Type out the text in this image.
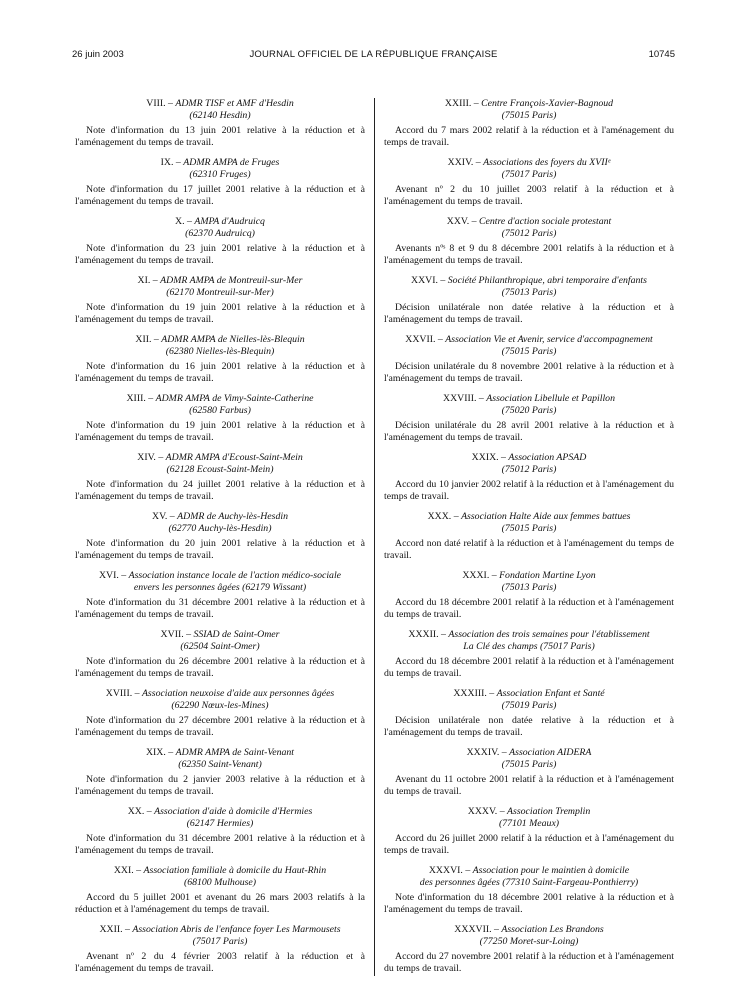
26 juin 2003	JOURNAL OFFICIEL DE LA RÉPUBLIQUE FRANÇAISE	10745
VIII. – ADMR TISF et AMF d'Hesdin
(62140 Hesdin)
Note d'information du 13 juin 2001 relative à la réduction et à l'aménagement du temps de travail.
IX. – ADMR AMPA de Fruges
(62310 Fruges)
Note d'information du 17 juillet 2001 relative à la réduction et à l'aménagement du temps de travail.
X. – AMPA d'Audruicq
(62370 Audruicq)
Note d'information du 23 juin 2001 relative à la réduction et à l'aménagement du temps de travail.
XI. – ADMR AMPA de Montreuil-sur-Mer
(62170 Montreuil-sur-Mer)
Note d'information du 19 juin 2001 relative à la réduction et à l'aménagement du temps de travail.
XII. – ADMR AMPA de Nielles-lès-Blequin
(62380 Nielles-lès-Blequin)
Note d'information du 16 juin 2001 relative à la réduction et à l'aménagement du temps de travail.
XIII. – ADMR AMPA de Vimy-Sainte-Catherine
(62580 Farbus)
Note d'information du 19 juin 2001 relative à la réduction et à l'aménagement du temps de travail.
XIV. – ADMR AMPA d'Ecoust-Saint-Mein
(62128 Ecoust-Saint-Mein)
Note d'information du 24 juillet 2001 relative à la réduction et à l'aménagement du temps de travail.
XV. – ADMR de Auchy-lès-Hesdin
(62770 Auchy-lès-Hesdin)
Note d'information du 20 juin 2001 relative à la réduction et à l'aménagement du temps de travail.
XVI. – Association instance locale de l'action médico-sociale
envers les personnes âgées (62179 Wissant)
Note d'information du 31 décembre 2001 relative à la réduction et à l'aménagement du temps de travail.
XVII. – SSIAD de Saint-Omer
(62504 Saint-Omer)
Note d'information du 26 décembre 2001 relative à la réduction et à l'aménagement du temps de travail.
XVIII. – Association neuxoise d'aide aux personnes âgées
(62290 Nœux-les-Mines)
Note d'information du 27 décembre 2001 relative à la réduction et à l'aménagement du temps de travail.
XIX. – ADMR AMPA de Saint-Venant
(62350 Saint-Venant)
Note d'information du 2 janvier 2003 relative à la réduction et à l'aménagement du temps de travail.
XX. – Association d'aide à domicile d'Hermies
(62147 Hermies)
Note d'information du 31 décembre 2001 relative à la réduction et à l'aménagement du temps de travail.
XXI. – Association familiale à domicile du Haut-Rhin
(68100 Mulhouse)
Accord du 5 juillet 2001 et avenant du 26 mars 2003 relatifs à la réduction et à l'aménagement du temps de travail.
XXII. – Association Abris de l'enfance foyer Les Marmousets
(75017 Paris)
Avenant nº 2 du 4 février 2003 relatif à la réduction et à l'aménagement du temps de travail.
XXIII. – Centre François-Xavier-Bagnoud
(75015 Paris)
Accord du 7 mars 2002 relatif à la réduction et à l'aménagement du temps de travail.
XXIV. – Associations des foyers du XVIIᵉ
(75017 Paris)
Avenant nº 2 du 10 juillet 2003 relatif à la réduction et à l'aménagement du temps de travail.
XXV. – Centre d'action sociale protestant
(75012 Paris)
Avenants nºˢ 8 et 9 du 8 décembre 2001 relatifs à la réduction et à l'aménagement du temps de travail.
XXVI. – Société Philanthropique, abri temporaire d'enfants
(75013 Paris)
Décision unilatérale non datée relative à la réduction et à l'aménagement du temps de travail.
XXVII. – Association Vie et Avenir, service d'accompagnement
(75015 Paris)
Décision unilatérale du 8 novembre 2001 relative à la réduction et à l'aménagement du temps de travail.
XXVIII. – Association Libellule et Papillon
(75020 Paris)
Décision unilatérale du 28 avril 2001 relative à la réduction et à l'aménagement du temps de travail.
XXIX. – Association APSAD
(75012 Paris)
Accord du 10 janvier 2002 relatif à la réduction et à l'aménagement du temps de travail.
XXX. – Association Halte Aide aux femmes battues
(75015 Paris)
Accord non daté relatif à la réduction et à l'aménagement du temps de travail.
XXXI. – Fondation Martine Lyon
(75013 Paris)
Accord du 18 décembre 2001 relatif à la réduction et à l'aménagement du temps de travail.
XXXII. – Association des trois semaines pour l'établissement
La Clé des champs (75017 Paris)
Accord du 18 décembre 2001 relatif à la réduction et à l'aménagement du temps de travail.
XXXIII. – Association Enfant et Santé
(75019 Paris)
Décision unilatérale non datée relative à la réduction et à l'aménagement du temps de travail.
XXXIV. – Association AIDERA
(75015 Paris)
Avenant du 11 octobre 2001 relatif à la réduction et à l'aménagement du temps de travail.
XXXV. – Association Tremplin
(77101 Meaux)
Accord du 26 juillet 2000 relatif à la réduction et à l'aménagement du temps de travail.
XXXVI. – Association pour le maintien à domicile
des personnes âgées (77310 Saint-Fargeau-Ponthierry)
Note d'information du 18 décembre 2001 relative à la réduction et à l'aménagement du temps de travail.
XXXVII. – Association Les Brandons
(77250 Moret-sur-Loing)
Accord du 27 novembre 2001 relatif à la réduction et à l'aménagement du temps de travail.
